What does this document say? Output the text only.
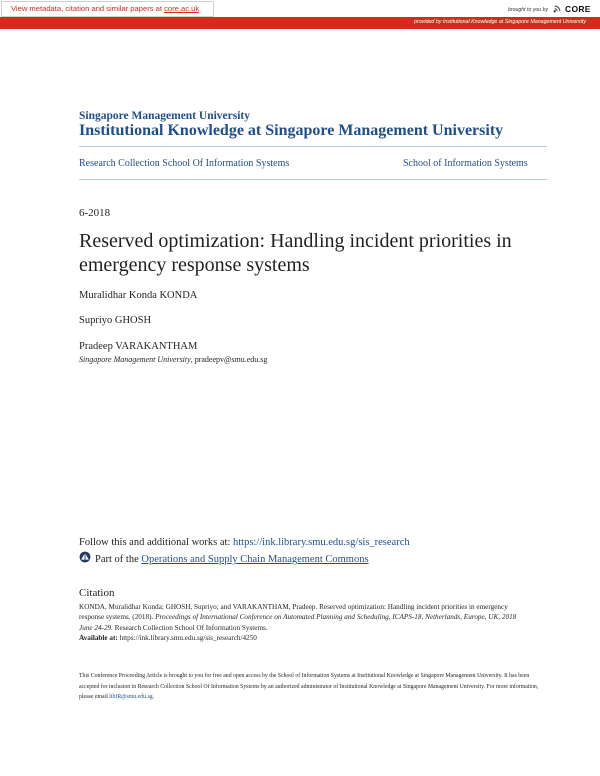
View metadata, citation and similar papers at core.ac.uk	brought to you by CORE
provided by Institutional Knowledge at Singapore Management University
Singapore Management University
Institutional Knowledge at Singapore Management University
Research Collection School Of Information Systems	School of Information Systems
6-2018
Reserved optimization: Handling incident priorities in emergency response systems
Muralidhar Konda KONDA
Supriyo GHOSH
Pradeep VARAKANTHAM
Singapore Management University, pradeepv@smu.edu.sg
Follow this and additional works at: https://ink.library.smu.edu.sg/sis_research
Part of the Operations and Supply Chain Management Commons
Citation
KONDA, Muralidhar Konda; GHOSH, Supriyo; and VARAKANTHAM, Pradeep. Reserved optimization: Handling incident priorities in emergency response systems. (2018). Proceedings of International Conference on Automated Planning and Scheduling, ICAPS-18, Netherlands, Europe, UK, 2018 June 24-29. Research Collection School Of Information Systems.
Available at: https://ink.library.smu.edu.sg/sis_research/4250
This Conference Proceeding Article is brought to you for free and open access by the School of Information Systems at Institutional Knowledge at Singapore Management University. It has been accepted for inclusion in Research Collection School Of Information Systems by an authorized administrator of Institutional Knowledge at Singapore Management University. For more information, please email libIR@smu.edu.sg.
